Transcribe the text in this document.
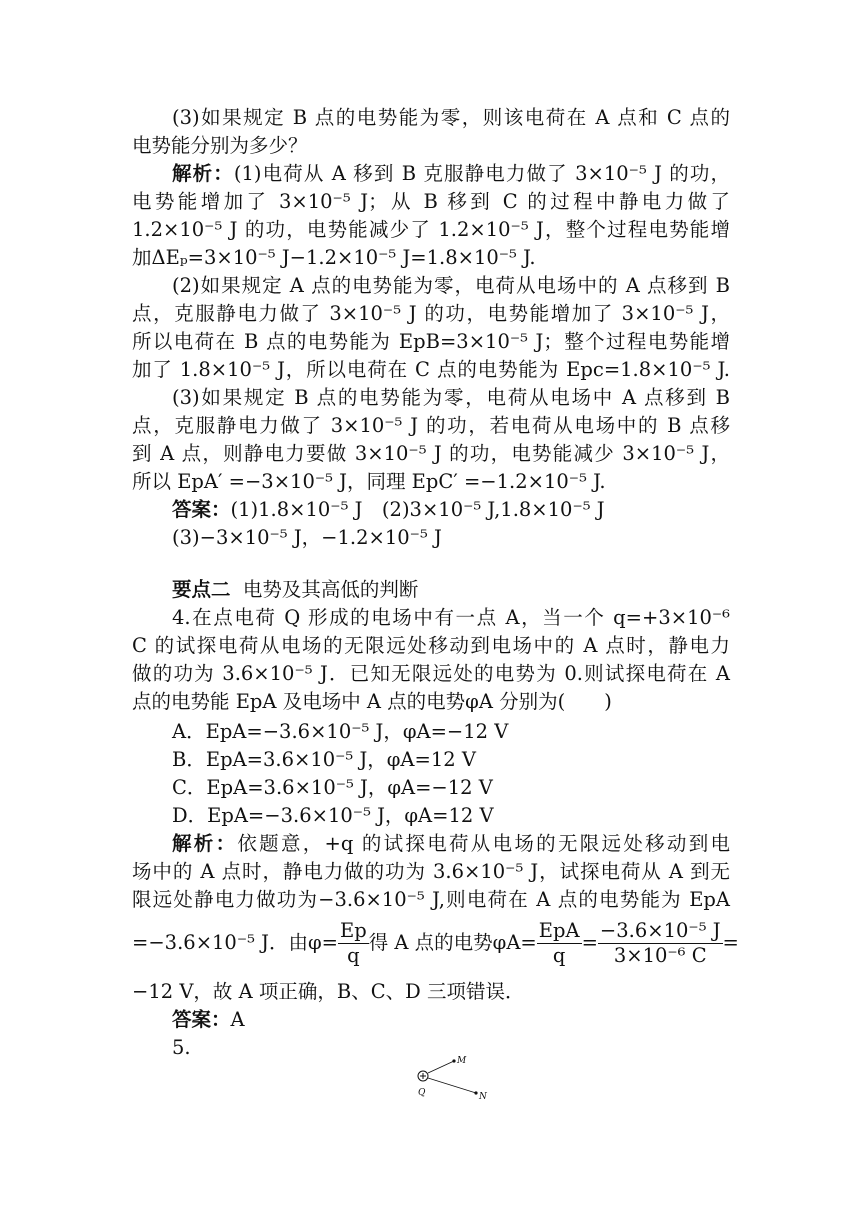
(3)如果规定 B 点的电势能为零，则该电荷在 A 点和 C 点的
电势能分别为多少？
解析：(1)电荷从 A 移到 B 克服静电力做了 3×10⁻⁵ J 的功，
电势能增加了 3×10⁻⁵ J；从 B 移到 C 的过程中静电力做了
1.2×10⁻⁵ J 的功，电势能减少了 1.2×10⁻⁵ J，整个过程电势能增
加ΔEₚ=3×10⁻⁵ J−1.2×10⁻⁵ J=1.8×10⁻⁵ J.
(2)如果规定 A 点的电势能为零，电荷从电场中的 A 点移到 B
点，克服静电力做了 3×10⁻⁵ J 的功，电势能增加了 3×10⁻⁵ J，
所以电荷在 B 点的电势能为 EpB=3×10⁻⁵ J；整个过程电势能增
加了 1.8×10⁻⁵ J，所以电荷在 C 点的电势能为 Epc=1.8×10⁻⁵ J.
(3)如果规定 B 点的电势能为零，电荷从电场中 A 点移到 B
点，克服静电力做了 3×10⁻⁵ J 的功，若电荷从电场中的 B 点移
到 A 点，则静电力要做 3×10⁻⁵ J 的功，电势能减少 3×10⁻⁵ J，
所以 EpA′ =−3×10⁻⁵ J，同理 EpC′ =−1.2×10⁻⁵ J.
答案：(1)1.8×10⁻⁵ J　(2)3×10⁻⁵ J,1.8×10⁻⁵ J
(3)−3×10⁻⁵ J，−1.2×10⁻⁵ J
要点二 电势及其高低的判断
4.在点电荷 Q 形成的电场中有一点 A，当一个 q=+3×10⁻⁶
C 的试探电荷从电场的无限远处移动到电场中的 A 点时，静电力
做的功为 3.6×10⁻⁵ J．已知无限远处的电势为 0.则试探电荷在 A
点的电势能 EpA 及电场中 A 点的电势φA 分别为(　　)
A．EpA=−3.6×10⁻⁵ J，φA=−12 V
B．EpA=3.6×10⁻⁵ J，φA=12 V
C．EpA=3.6×10⁻⁵ J，φA=−12 V
D．EpA=−3.6×10⁻⁵ J，φA=12 V
解析：依题意，+q 的试探电荷从电场的无限远处移动到电
场中的 A 点时，静电力做的功为 3.6×10⁻⁵ J，试探电荷从 A 到无
限远处静电力做功为−3.6×10⁻⁵ J,则电荷在 A 点的电势能为 EpA
=−3.6×10⁻⁵ J．由$\varphi= \frac{Ep}{q}$ 得 A 点的电势$\varphi A= \frac{\text{EpA}}{q} = \frac{\text{−3.6×10⁻⁵ J}}{\text{3×10⁻⁶ C}}$ =
−12 V，故 A 项正确，B、C、D 三项错误．
答案：A
5.
Q
M
N
